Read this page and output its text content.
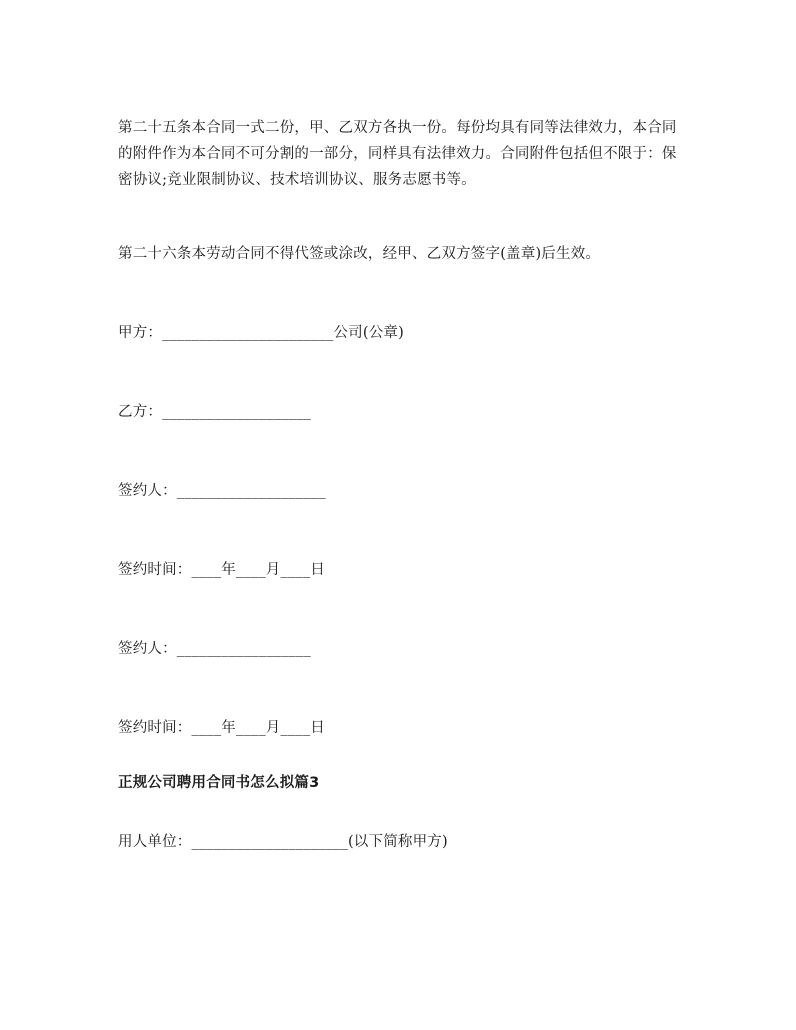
第二十五条本合同一式二份，甲、乙双方各执一份。每份均具有同等法律效力，本合同的附件作为本合同不可分割的一部分，同样具有法律效力。合同附件包括但不限于：保密协议;竞业限制协议、技术培训协议、服务志愿书等。

第二十六条本劳动合同不得代签或涂改，经甲、乙双方签字(盖章)后生效。

甲方：_______________________公司(公章)

乙方：____________________

签约人：____________________

签约时间：____年____月____日

签约人：__________________

签约时间：____年____月____日

正规公司聘用合同书怎么拟篇3

用人单位：_____________________(以下简称甲方)
